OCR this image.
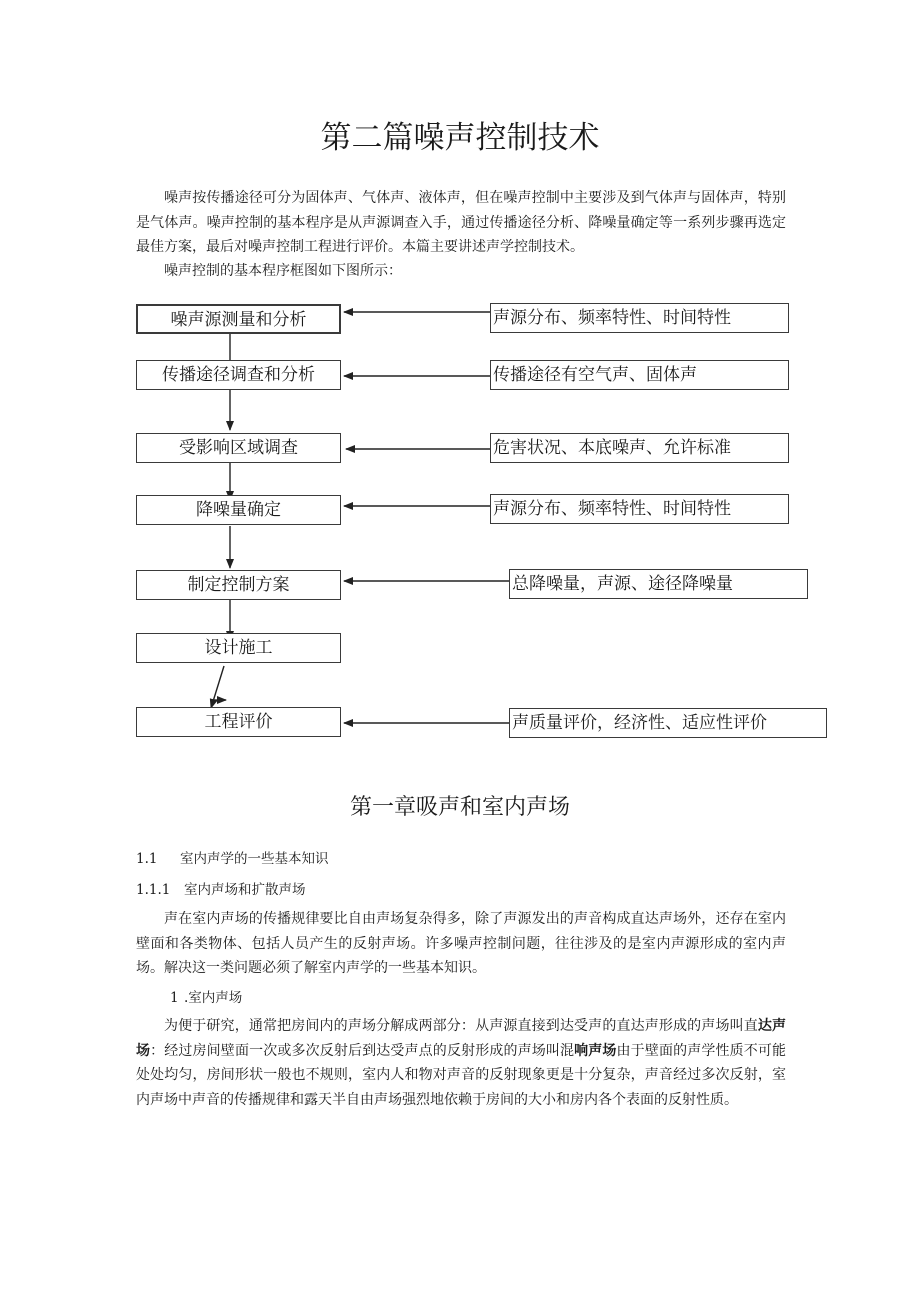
第二篇噪声控制技术

噪声按传播途径可分为固体声、气体声、液体声，但在噪声控制中主要涉及到气体声与固体声，特别是气体声。噪声控制的基本程序是从声源调查入手，通过传播途径分析、降噪量确定等一系列步骤再选定最佳方案，最后对噪声控制工程进行评价。本篇主要讲述声学控制技术。

噪声控制的基本程序框图如下图所示：

噪声源测量和分析
传播途径调查和分析
受影响区域调查
降噪量确定
制定控制方案
设计施工
工程评价
声源分布、频率特性、时间特性
传播途径有空气声、固体声
危害状况、本底噪声、允许标准
声源分布、频率特性、时间特性
总降噪量，声源、途径降噪量
声质量评价，经济性、适应性评价
第一章吸声和室内声场

1.1 室内声学的一些基本知识

1.1.1 室内声场和扩散声场

声在室内声场的传播规律要比自由声场复杂得多，除了声源发出的声音构成直达声场外，还存在室内壁面和各类物体、包括人员产生的反射声场。许多噪声控制问题，往往涉及的是室内声源形成的室内声场。解决这一类问题必须了解室内声学的一些基本知识。

1 .室内声场

为便于研究，通常把房间内的声场分解成两部分：从声源直接到达受声的直达声形成的声场叫直达声场：经过房间壁面一次或多次反射后到达受声点的反射形成的声场叫混响声场由于壁面的声学性质不可能处处均匀，房间形状一般也不规则，室内人和物对声音的反射现象更是十分复杂，声音经过多次反射，室内声场中声音的传播规律和露天半自由声场强烈地依赖于房间的大小和房内各个表面的反射性质。
